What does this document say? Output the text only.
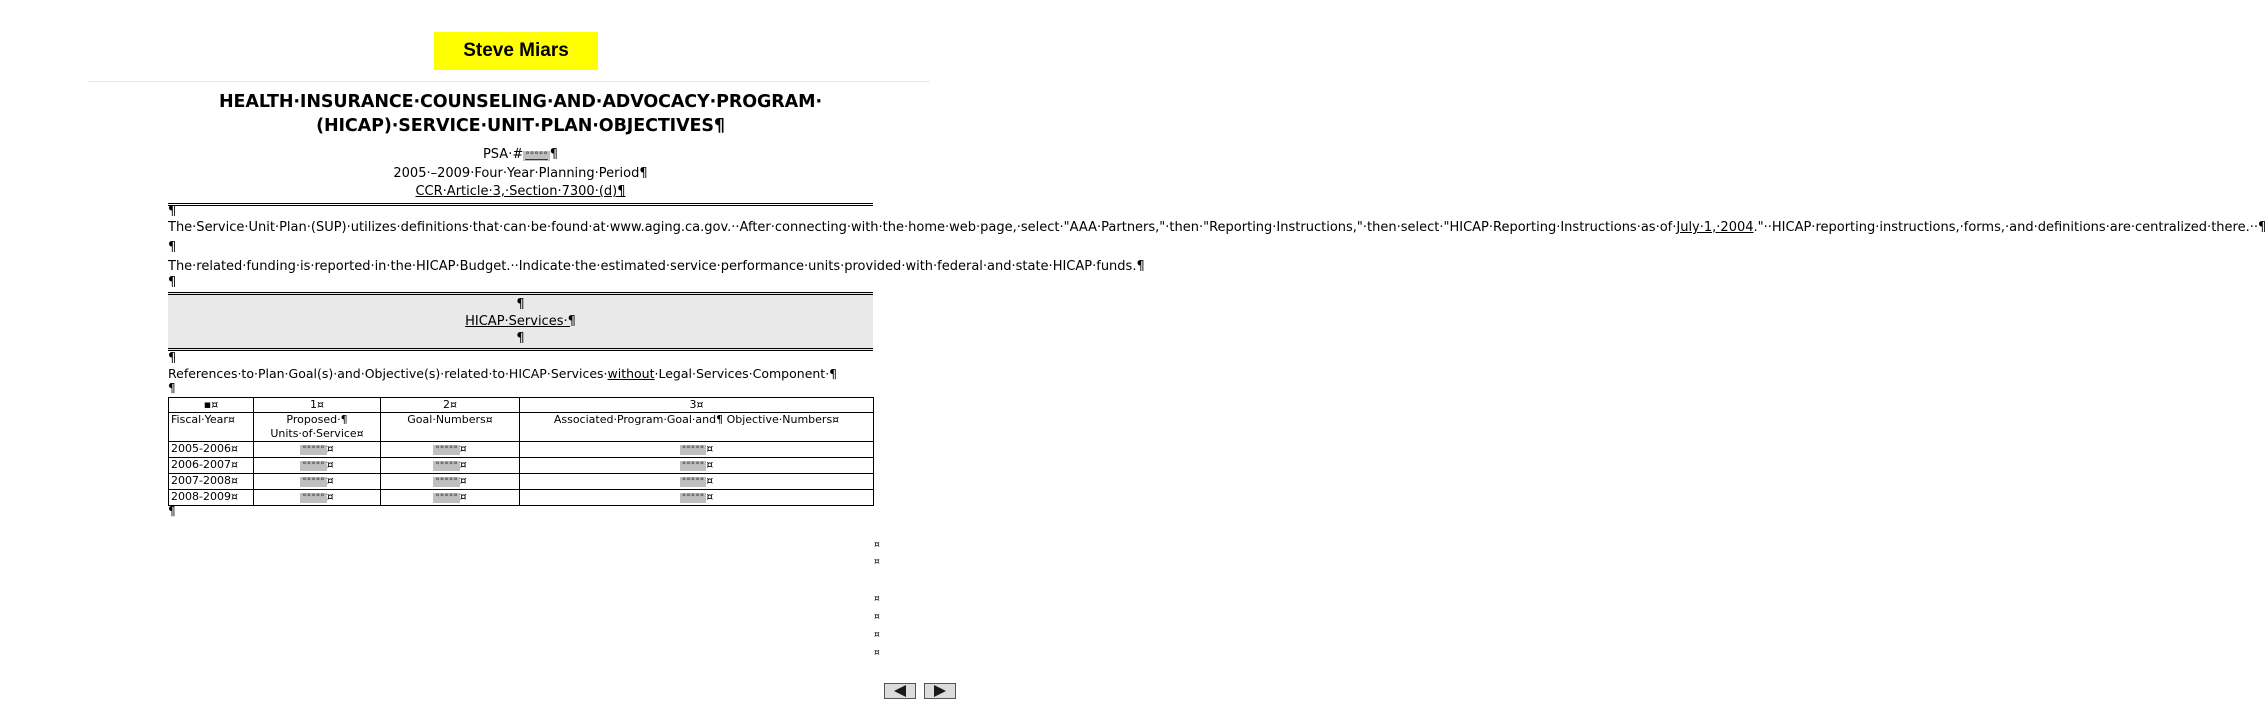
Steve Miars
HEALTH·INSURANCE·COUNSELING·AND·ADVOCACY·PROGRAM·
(HICAP)·SERVICE·UNIT·PLAN·OBJECTIVES¶
PSA·# °°°°° ¶
2005·–2009·Four·Year·Planning·Period¶
CCR·Article·3,·Section·7300·(d)¶
¶
The·Service·Unit·Plan·(SUP)·utilizes·definitions·that·can·be·found·at·www.aging.ca.gov.··After·connecting·with·the·home·web·page,·select·"AAA·Partners,"·then·"Reporting·Instructions,"·then·select·"HICAP·Reporting·Instructions·as·of·July·1,·2004."··HICAP·reporting·instructions,·forms,·and·definitions·are·centralized·there.··¶
¶
The·related·funding·is·reported·in·the·HICAP·Budget.··Indicate·the·estimated·service·performance·units·provided·with·federal·and·state·HICAP·funds.¶
¶
¶
HICAP·Services·¶
¶
¶
References·to·Plan·Goal(s)·and·Objective(s)·related·to·HICAP·Services·without·Legal·Services·Component·¶
¶
▪¤	1¤	2¤	3¤
Fiscal·Year¤	Proposed·¶ Units·of·Service¤	Goal·Numbers¤	Associated·Program·Goal·and¶ Objective·Numbers¤
2005-2006¤	°°°°° ¤	°°°°° ¤	°°°°° ¤
2006-2007¤	°°°°° ¤	°°°°° ¤	°°°°° ¤
2007-2008¤	°°°°° ¤	°°°°° ¤	°°°°° ¤
2008-2009¤	°°°°° ¤	°°°°° ¤	°°°°° ¤
¶
¤
¤
¤
¤
¤
¤
